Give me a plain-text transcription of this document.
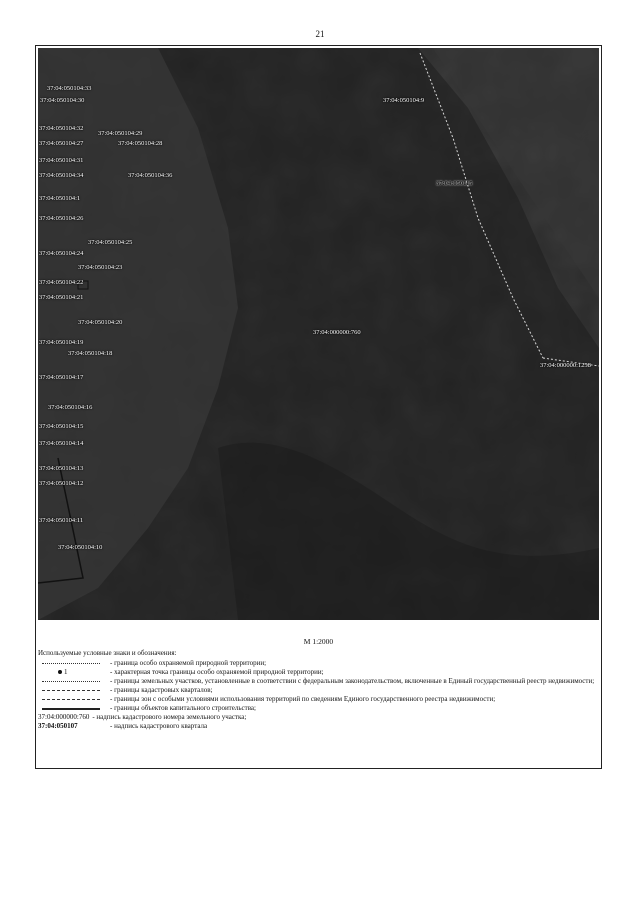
21
37:04:050104:33
37:04:050104:30
37:04:050104:32
37:04:050104:29
37:04:050104:27	37:04:050104:28
37:04:050104:31
37:04:050104:34	37:04:050104:36
37:04:050104:1
37:04:050104:26
37:04:050104:25
37:04:050104:24
37:04:050104:23
37:04:050104:22
37:04:050104:21
37:04:050104:20
37:04:050104:19
37:04:050104:18
37:04:050104:17
37:04:050104:16
37:04:050104:15
37:04:050104:14
37:04:050104:13
37:04:050104:12
37:04:050104:11
37:04:050104:10
37:04:050104:9
37:04:000000:760
37:04:050115
37:04:000000:1258
М 1:2000
Используемые условные знаки и обозначения:
- граница особо охраняемой природной территории;
1	- характерная точка границы особо охраняемой природной территории;
- границы земельных участков, установленные в соответствии с федеральным законодательством, включенные в Единый государственный реестр недвижимости;
- границы кадастровых кварталов;
- границы зон с особыми условиями использования территорий по сведениям Единого государственного реестра недвижимости;
- границы объектов капитального строительства;
37:04:000000:760 - надпись кадастрового номера земельного участка;
37:04:050107	- надпись кадастрового квартала
